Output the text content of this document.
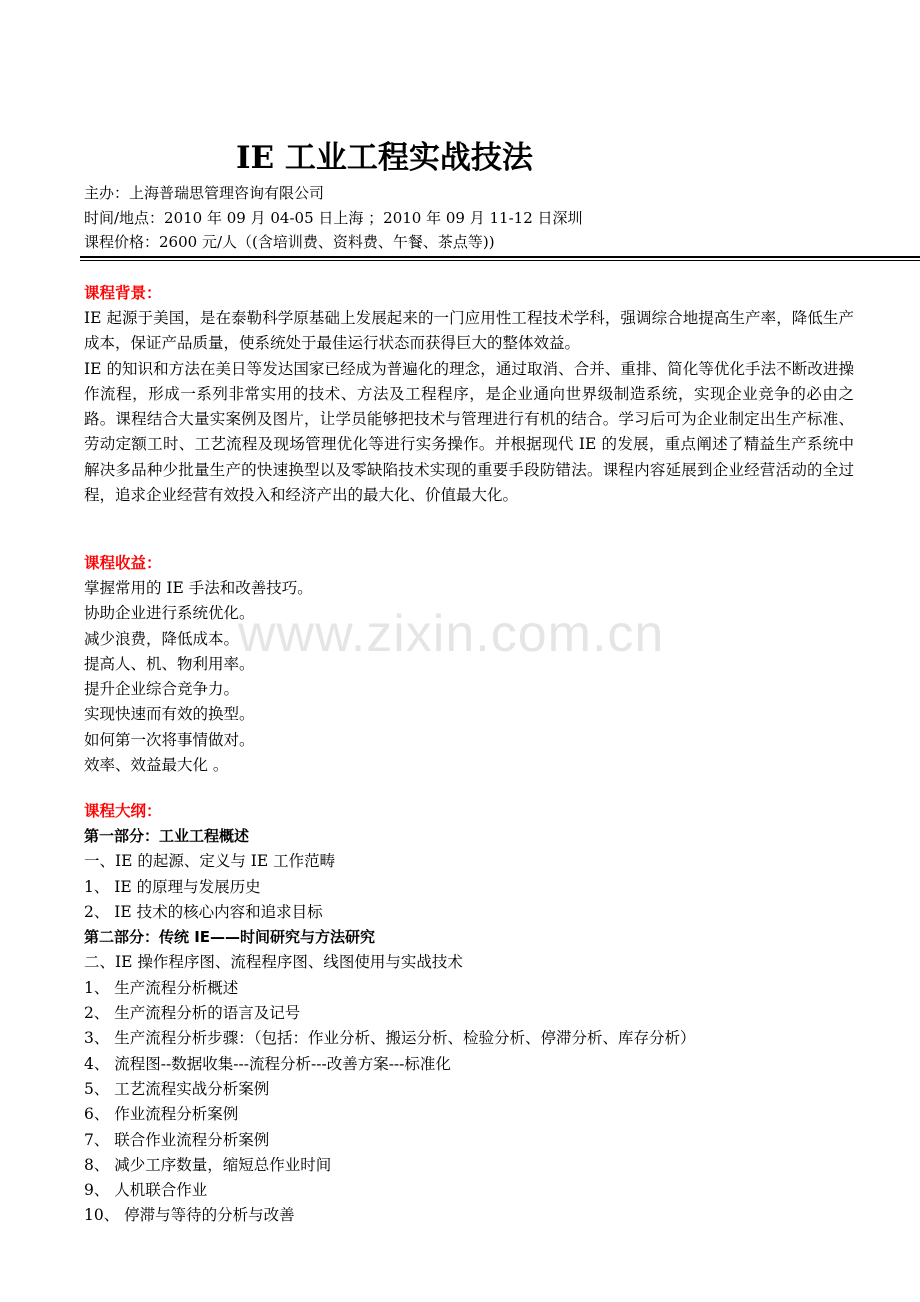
IE 工业工程实战技法
主办：上海普瑞思管理咨询有限公司
时间/地点：2010 年 09 月 04-05 日上海 ；2010 年 09 月 11-12 日深圳
课程价格：2600 元/人（(含培训费、资料费、午餐、茶点等))
课程背景：
IE 起源于美国，是在泰勒科学原基础上发展起来的一门应用性工程技术学科，强调综合地提高生产率，降低生产成本，保证产品质量，使系统处于最佳运行状态而获得巨大的整体效益。
IE 的知识和方法在美日等发达国家已经成为普遍化的理念，通过取消、合并、重排、简化等优化手法不断改进操作流程，形成一系列非常实用的技术、方法及工程程序，是企业通向世界级制造系统，实现企业竞争的必由之路。课程结合大量实案例及图片，让学员能够把技术与管理进行有机的结合。学习后可为企业制定出生产标准、劳动定额工时、工艺流程及现场管理优化等进行实务操作。并根据现代 IE 的发展，重点阐述了精益生产系统中解决多品种少批量生产的快速换型以及零缺陷技术实现的重要手段防错法。课程内容延展到企业经营活动的全过程，追求企业经营有效投入和经济产出的最大化、价值最大化。
课程收益：
掌握常用的 IE 手法和改善技巧。
协助企业进行系统优化。
减少浪费，降低成本。
提高人、机、物利用率。
提升企业综合竞争力。
实现快速而有效的换型。
如何第一次将事情做对。
效率、效益最大化 。
课程大纲：
第一部分：工业工程概述
一、IE 的起源、定义与 IE 工作范畴
1、 IE 的原理与发展历史
2、 IE 技术的核心内容和追求目标
第二部分：传统 IE——时间研究与方法研究
二、IE 操作程序图、流程程序图、线图使用与实战技术
1、 生产流程分析概述
2、 生产流程分析的语言及记号
3、 生产流程分析步骤：（包括：作业分析、搬运分析、检验分析、停滞分析、库存分析）
4、 流程图--数据收集---流程分析---改善方案---标准化
5、 工艺流程实战分析案例
6、 作业流程分析案例
7、 联合作业流程分析案例
8、 减少工序数量，缩短总作业时间
9、 人机联合作业
10、 停滞与等待的分析与改善
www.zixin.com.cn
